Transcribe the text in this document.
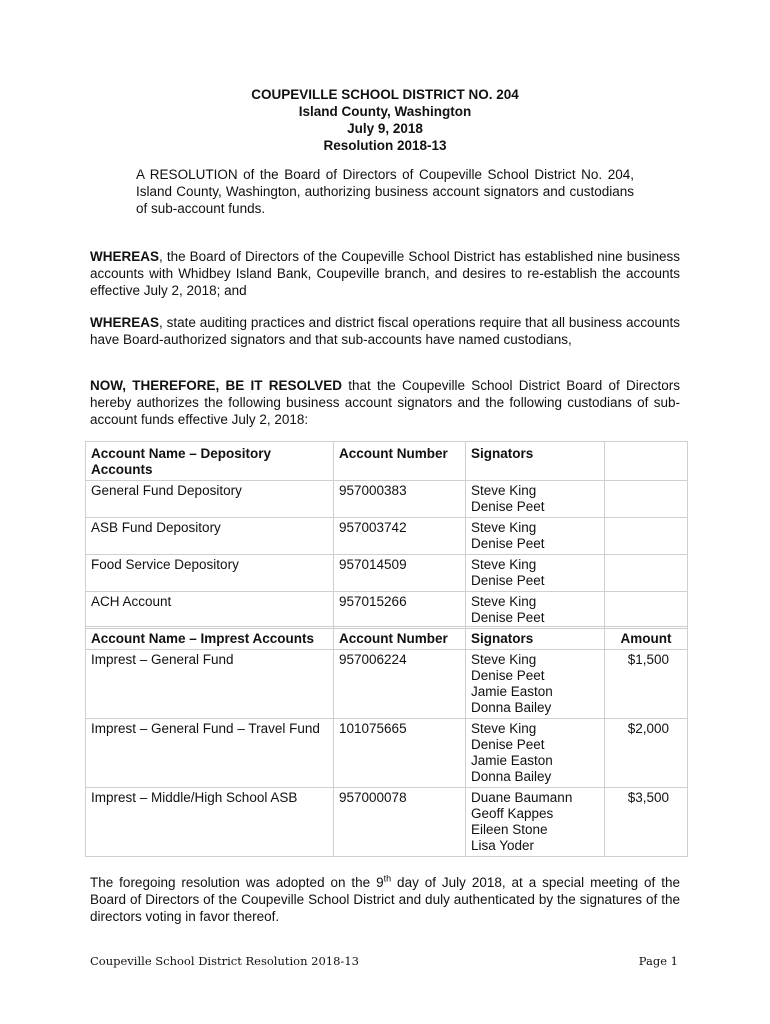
COUPEVILLE SCHOOL DISTRICT NO. 204
Island County, Washington
July 9, 2018
Resolution 2018-13
A RESOLUTION of the Board of Directors of Coupeville School District No. 204, Island County, Washington, authorizing business account signators and custodians of sub-account funds.
WHEREAS, the Board of Directors of the Coupeville School District has established nine business accounts with Whidbey Island Bank, Coupeville branch, and desires to re-establish the accounts effective July 2, 2018; and
WHEREAS, state auditing practices and district fiscal operations require that all business accounts have Board-authorized signators and that sub-accounts have named custodians,
NOW, THEREFORE, BE IT RESOLVED that the Coupeville School District Board of Directors hereby authorizes the following business account signators and the following custodians of sub-account funds effective July 2, 2018:
Account Name – Depository Accounts	Account Number	Signators	
General Fund Depository	957000383	Steve King
Denise Peet	

ASB Fund Depository	957003742	Steve King
Denise Peet	

Food Service Depository	957014509	Steve King
Denise Peet	

ACH Account	957015266	Steve King
Denise Peet	

Account Name – Imprest Accounts	Account Number	Signators	Amount
Imprest – General Fund	957006224	Steve King
Denise Peet
Jamie Easton
Donna Bailey	$1,500
Imprest – General Fund – Travel Fund	101075665	Steve King
Denise Peet
Jamie Easton
Donna Bailey	$2,000
Imprest – Middle/High School ASB	957000078	Duane Baumann
Geoff Kappes
Eileen Stone
Lisa Yoder	$3,500
The foregoing resolution was adopted on the 9th day of July 2018, at a special meeting of the Board of Directors of the Coupeville School District and duly authenticated by the signatures of the directors voting in favor thereof.
Coupeville School District Resolution 2018-13	Page 1
